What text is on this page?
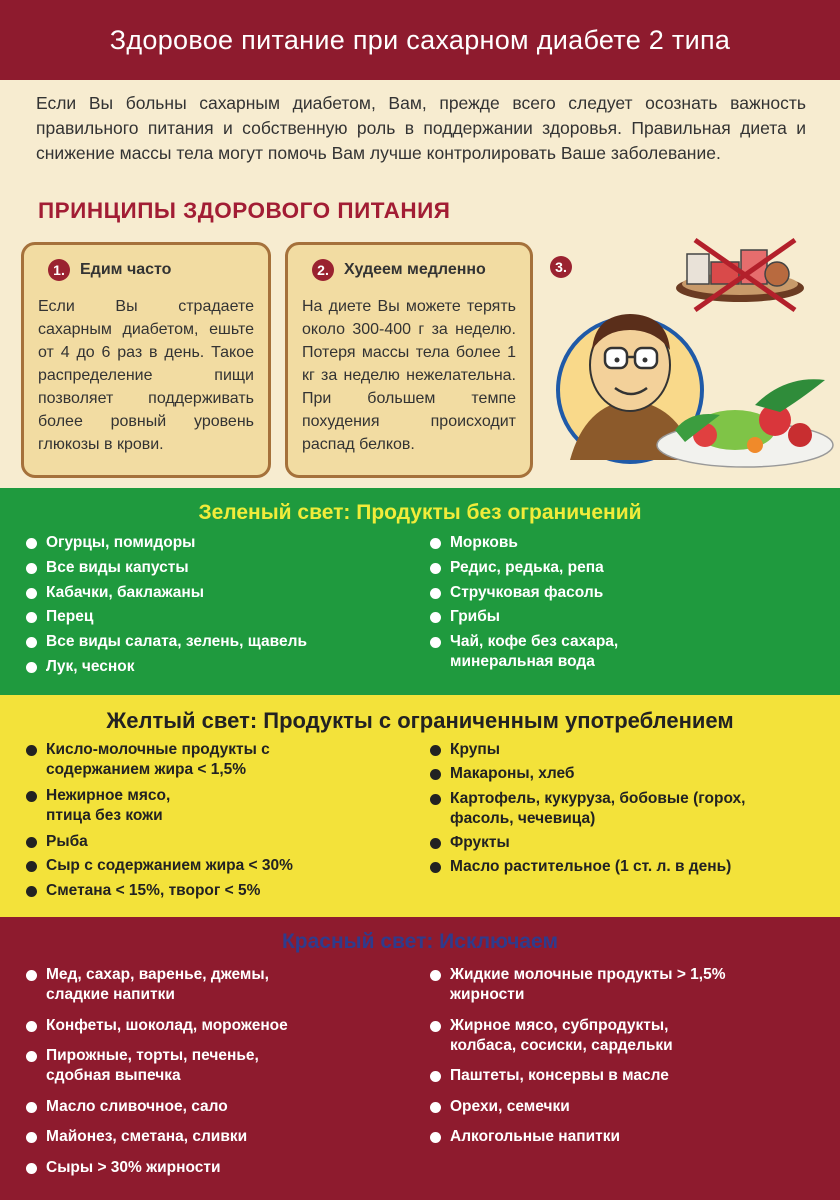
Здоровое питание при сахарном диабете 2 типа

Если Вы больны сахарным диабетом, Вам, прежде всего следует осознать важность правильного питания и собственную роль в поддержании здоровья. Правильная диета и снижение массы тела могут помочь Вам лучше контролировать Ваше заболевание.

ПРИНЦИПЫ ЗДОРОВОГО ПИТАНИЯ
1. Едим часто

Если Вы страдаете сахарным диабетом, ешьте от 4 до 6 раз в день. Такое распределение пищи позволяет поддерживать более ровный уровень глюкозы в крови.

2. Худеем медленно

На диете Вы можете терять около 300-400 г за неделю. Потеря массы тела более 1 кг за неделю нежелательна. При большем темпе похудения происходит распад белков.

3.
Зеленый свет: Продукты без ограничений
Огурцы, помидоры
Все виды капусты
Кабачки, баклажаны
Перец
Все виды салата, зелень, щавель
Лук, чеснок
Морковь
Редис, редька, репа
Стручковая фасоль
Грибы
Чай, кофе без сахара, минеральная вода
Желтый свет: Продукты с ограниченным употреблением
Кисло-молочные продукты с содержанием жира < 1,5%
Нежирное мясо, птица без кожи
Рыба
Сыр с содержанием жира < 30%
Сметана < 15%, творог < 5%
Крупы
Макароны, хлеб
Картофель, кукуруза, бобовые (горох, фасоль, чечевица)
Фрукты
Масло растительное (1 ст. л. в день)
Красный свет: Исключаем
Мед, сахар, варенье, джемы, сладкие напитки
Конфеты, шоколад, мороженое
Пирожные, торты, печенье, сдобная выпечка
Масло сливочное, сало
Майонез, сметана, сливки
Сыры > 30% жирности
Жидкие молочные продукты > 1,5% жирности
Жирное мясо, субпродукты, колбаса, сосиски, сардельки
Паштеты, консервы в масле
Орехи, семечки
Алкогольные напитки
